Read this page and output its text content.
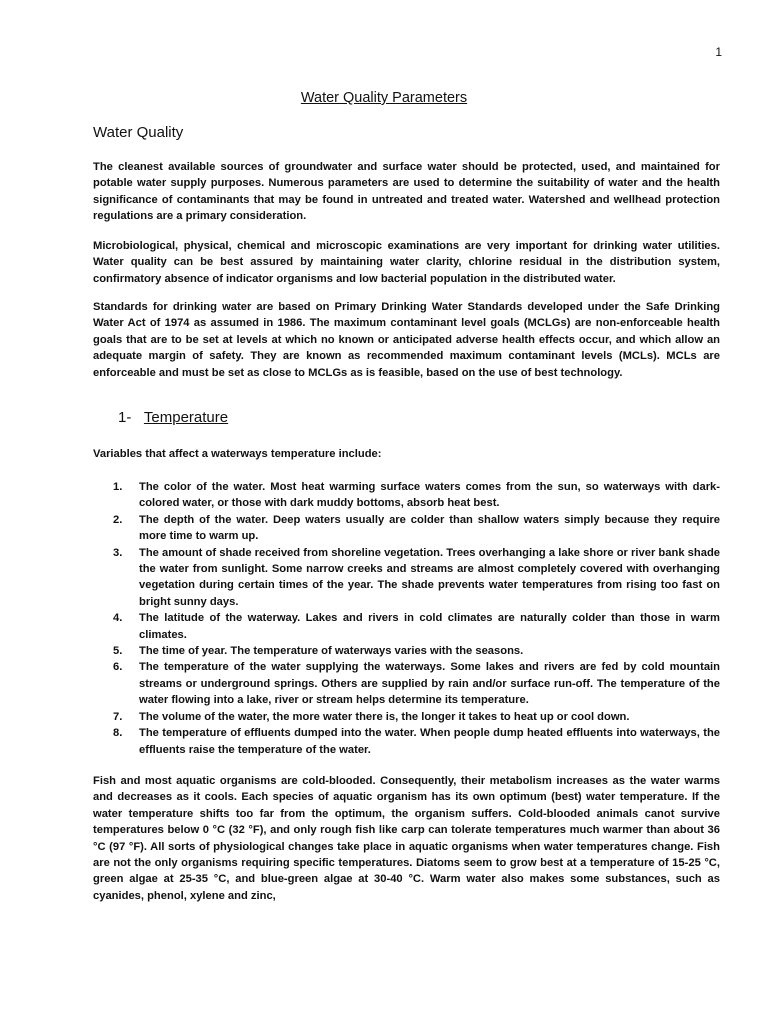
1
Water Quality Parameters
Water Quality
The cleanest available sources of groundwater and surface water should be protected, used, and maintained for potable water supply purposes. Numerous parameters are used to determine the suitability of water and the health significance of contaminants that may be found in untreated and treated water. Watershed and wellhead protection regulations are a primary consideration.
Microbiological, physical, chemical and microscopic examinations are very important for drinking water utilities. Water quality can be best assured by maintaining water clarity, chlorine residual in the distribution system, confirmatory absence of indicator organisms and low bacterial population in the distributed water.
Standards for drinking water are based on Primary Drinking Water Standards developed under the Safe Drinking Water Act of 1974 as assumed in 1986. The maximum contaminant level goals (MCLGs) are non-enforceable health goals that are to be set at levels at which no known or anticipated adverse health effects occur, and which allow an adequate margin of safety. They are known as recommended maximum contaminant levels (MCLs). MCLs are enforceable and must be set as close to MCLGs as is feasible, based on the use of best technology.
1- Temperature
Variables that affect a waterways temperature include:
1. The color of the water. Most heat warming surface waters comes from the sun, so waterways with dark-colored water, or those with dark muddy bottoms, absorb heat best.
2. The depth of the water. Deep waters usually are colder than shallow waters simply because they require more time to warm up.
3. The amount of shade received from shoreline vegetation. Trees overhanging a lake shore or river bank shade the water from sunlight. Some narrow creeks and streams are almost completely covered with overhanging vegetation during certain times of the year. The shade prevents water temperatures from rising too fast on bright sunny days.
4. The latitude of the waterway. Lakes and rivers in cold climates are naturally colder than those in warm climates.
5. The time of year. The temperature of waterways varies with the seasons.
6. The temperature of the water supplying the waterways. Some lakes and rivers are fed by cold mountain streams or underground springs. Others are supplied by rain and/or surface run-off. The temperature of the water flowing into a lake, river or stream helps determine its temperature.
7. The volume of the water, the more water there is, the longer it takes to heat up or cool down.
8. The temperature of effluents dumped into the water. When people dump heated effluents into waterways, the effluents raise the temperature of the water.
Fish and most aquatic organisms are cold-blooded. Consequently, their metabolism increases as the water warms and decreases as it cools. Each species of aquatic organism has its own optimum (best) water temperature. If the water temperature shifts too far from the optimum, the organism suffers. Cold-blooded animals canot survive temperatures below 0 °C (32 °F), and only rough fish like carp can tolerate temperatures much warmer than about 36 °C (97 °F). All sorts of physiological changes take place in aquatic organisms when water temperatures change. Fish are not the only organisms requiring specific temperatures. Diatoms seem to grow best at a temperature of 15-25 °C, green algae at 25-35 °C, and blue-green algae at 30-40 °C. Warm water also makes some substances, such as cyanides, phenol, xylene and zinc,
